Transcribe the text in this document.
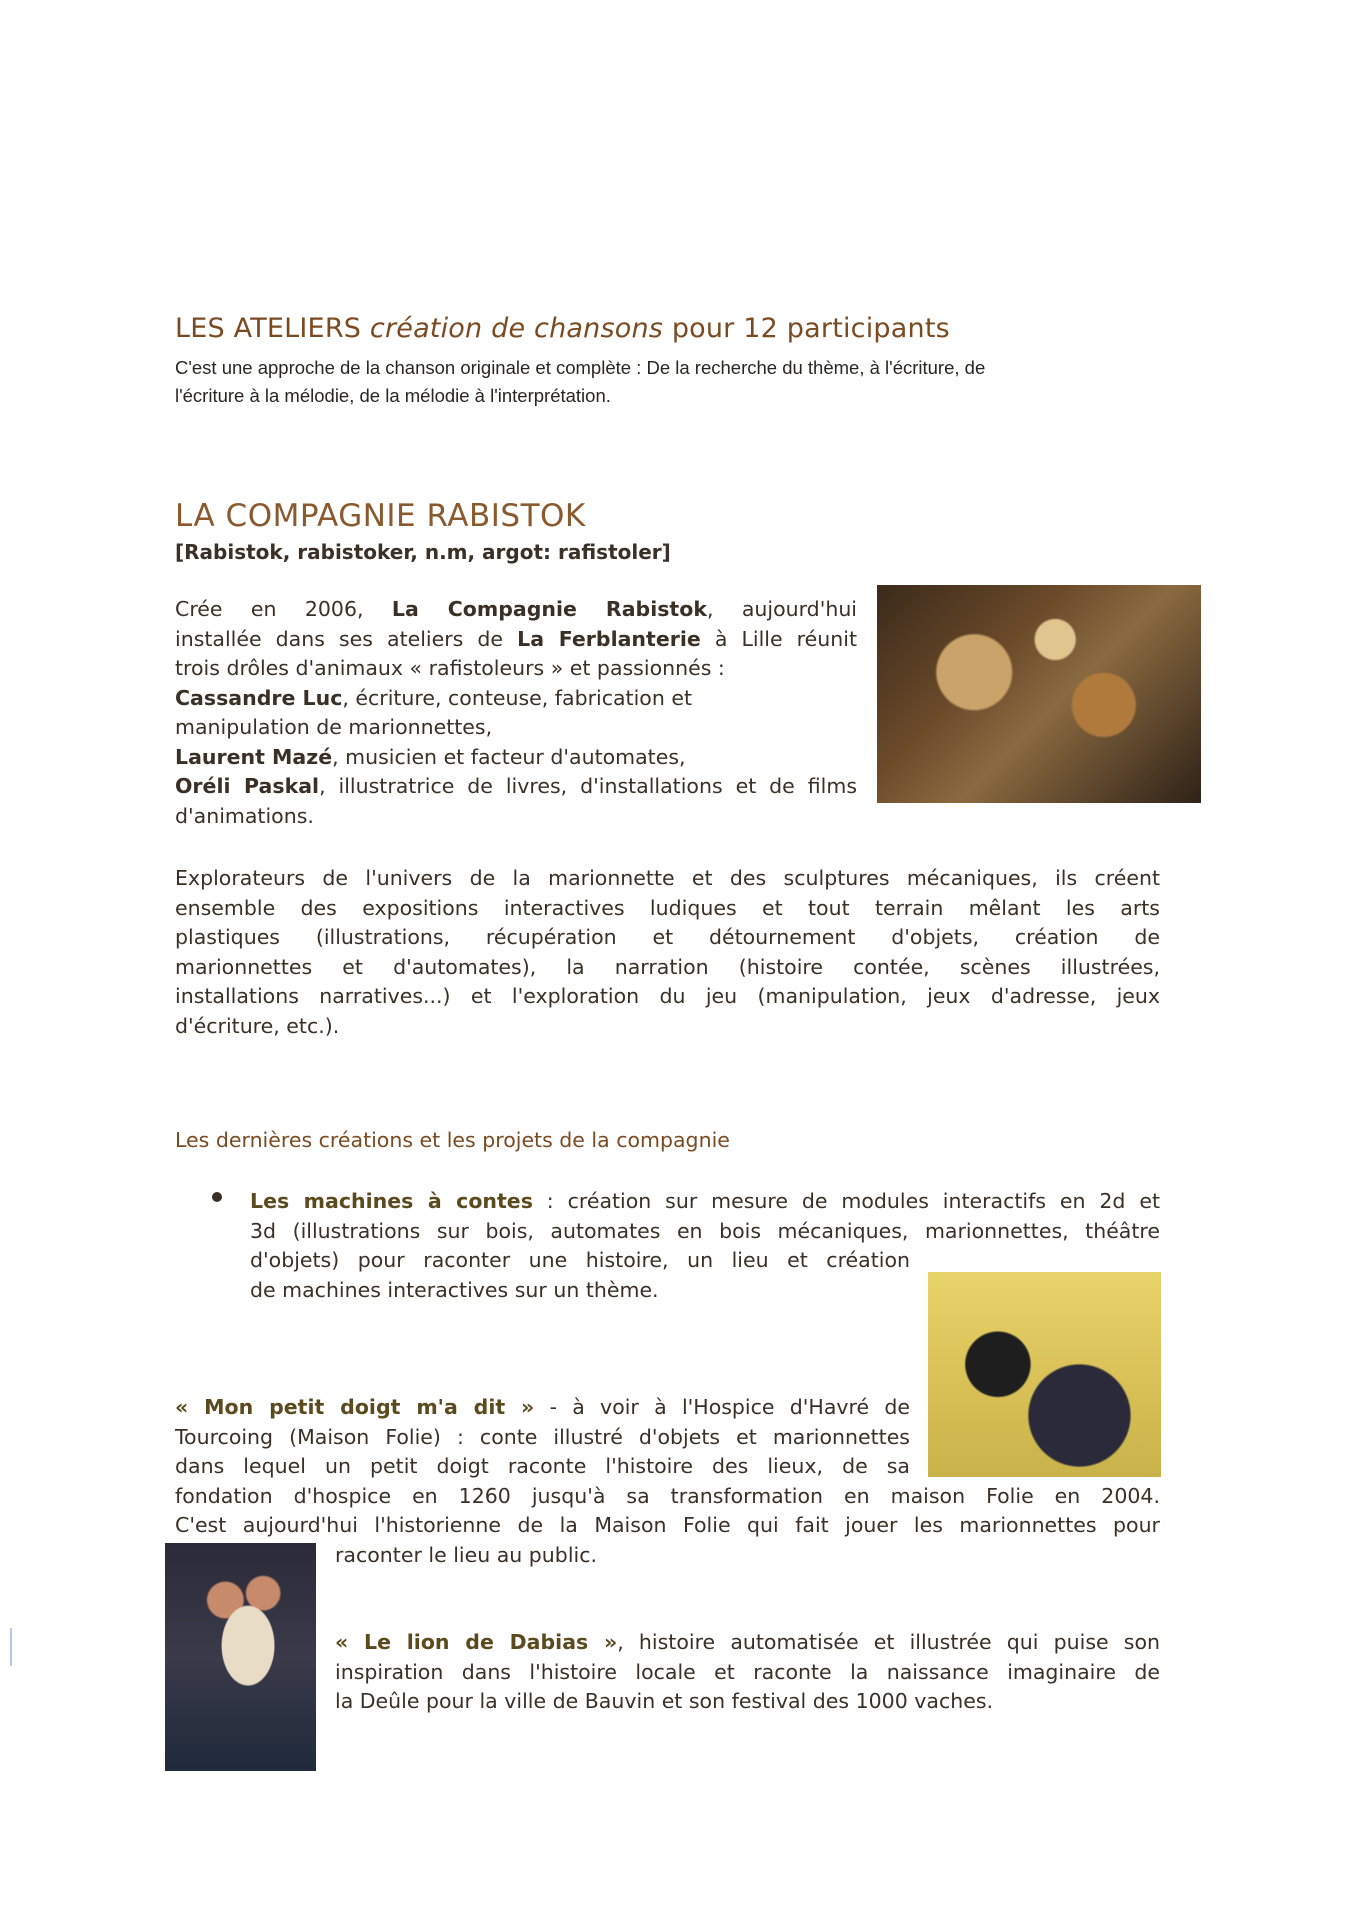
LES ATELIERS création de chansons pour 12 participants
C'est une approche de la chanson originale et complète : De la recherche du thème, à l'écriture, de
l'écriture à la mélodie, de la mélodie à l'interprétation.
LA COMPAGNIE RABISTOK
[Rabistok, rabistoker, n.m, argot: rafistoler]
Crée en 2006, La Compagnie Rabistok, aujourd'hui
installée dans ses ateliers de La Ferblanterie à Lille réunit
trois drôles d'animaux « rafistoleurs » et passionnés :
Cassandre Luc, écriture, conteuse, fabrication et
manipulation de marionnettes,
Laurent Mazé, musicien et facteur d'automates,
Oréli Paskal, illustratrice de livres, d'installations et de films
d'animations.
Explorateurs de l'univers de la marionnette et des sculptures mécaniques, ils créent
ensemble des expositions interactives ludiques et tout terrain mêlant les arts
plastiques (illustrations, récupération et détournement d'objets, création de
marionnettes et d'automates), la narration (histoire contée, scènes illustrées,
installations narratives...) et l'exploration du jeu (manipulation, jeux d'adresse, jeux
d'écriture, etc.).
Les dernières créations et les projets de la compagnie
Les machines à contes : création sur mesure de modules interactifs en 2d et
3d (illustrations sur bois, automates en bois mécaniques, marionnettes, théâtre
d'objets) pour raconter une histoire, un lieu et création
de machines interactives sur un thème.
« Mon petit doigt m'a dit » - à voir à l'Hospice d'Havré de
Tourcoing (Maison Folie) : conte illustré d'objets et marionnettes
dans lequel un petit doigt raconte l'histoire des lieux, de sa
fondation d'hospice en 1260 jusqu'à sa transformation en maison Folie en 2004.
C'est aujourd'hui l'historienne de la Maison Folie qui fait jouer les marionnettes pour
raconter le lieu au public.
« Le lion de Dabias », histoire automatisée et illustrée qui puise son
inspiration dans l'histoire locale et raconte la naissance imaginaire de
la Deûle pour la ville de Bauvin et son festival des 1000 vaches.
